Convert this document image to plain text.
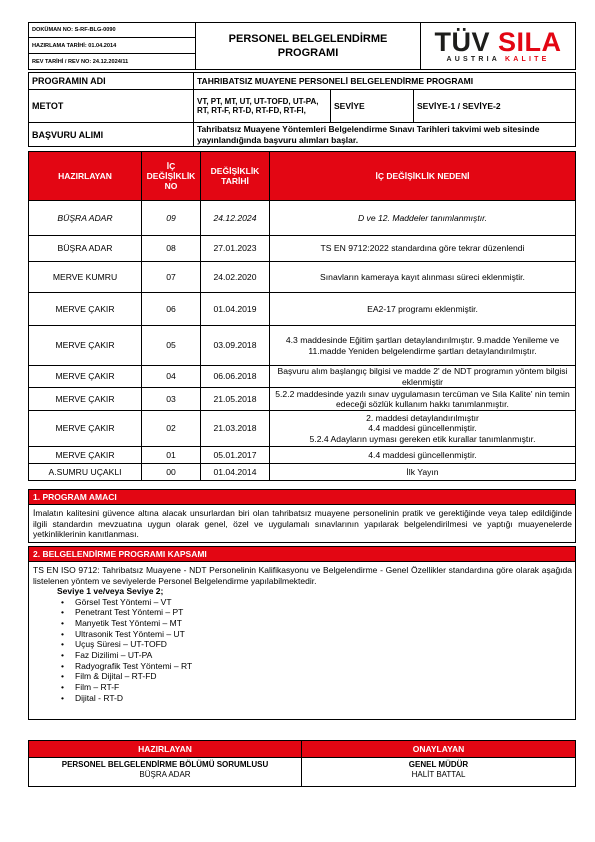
DOKÜMAN NO: S-RF-BLG-0090	PERSONEL BELGELENDİRME
PROGRAMI	TÜV SILA
AUSTRIA KALITE

HAZIRLAMA TARİHİ: 01.04.2014
REV TARİHİ / REV NO: 24.12.2024/11
PROGRAMIN ADI	TAHRIBATSIZ MUAYENE PERSONELİ BELGELENDİRME PROGRAMI		
METOT	VT, PT, MT, UT, UT-TOFD, UT-PA, RT, RT-F, RT-D, RT-FD, RT-FI,	SEVİYE	SEVİYE-1 / SEVİYE-2
BAŞVURU ALIMI	Tahribatsız Muayene Yöntemleri Belgelendirme Sınavı Tarihleri takvimi web sitesinde yayınlandığında başvuru alımları başlar.		
HAZIRLAYAN	İÇ DEĞİŞİKLİK NO	DEĞİŞİKLİK TARİHİ	İÇ DEĞİŞİKLİK NEDENİ
BÜŞRA ADAR	09	24.12.2024	D ve 12. Maddeler tanımlanmıştır.
BÜŞRA ADAR	08	27.01.2023	TS EN 9712:2022 standardına göre tekrar düzenlendi
MERVE KUMRU	07	24.02.2020	Sınavların kameraya kayıt alınması süreci eklenmiştir.
MERVE ÇAKIR	06	01.04.2019	EA2-17 programı eklenmiştir.
MERVE ÇAKIR	05	03.09.2018	4.3 maddesinde Eğitim şartları detaylandırılmıştır. 9.madde Yenileme ve 11.madde Yeniden belgelendirme şartları detaylandırılmıştır.
MERVE ÇAKIR	04	06.06.2018	Başvuru alım başlangıç bilgisi ve madde 2' de NDT programın yöntem bilgisi eklenmiştir
MERVE ÇAKIR	03	21.05.2018	5.2.2 maddesinde yazılı sınav uygulamasın tercüman ve Sıla Kalite' nin temin edeceği sözlük kullanım hakkı tanımlanmıştır.
MERVE ÇAKIR	02	21.03.2018	2. maddesi detaylandırılmıştır
4.4 maddesi güncellenmiştir.
5.2.4 Adayların uyması gereken etik kurallar tanımlanmıştır.

MERVE ÇAKIR	01	05.01.2017	4.4 maddesi güncellenmiştir.
A.SUMRU UÇAKLI	00	01.04.2014	İlk Yayın
1. PROGRAM AMACI
İmalatın kalitesini güvence altına alacak unsurlardan biri olan tahribatsız muayene personelinin pratik ve gerektiğinde veya talep edildiğinde ilgili standardın mevzuatına uygun olarak genel, özel ve uygulamalı sınavlarının yapılarak belgelendirilmesi ve yaptığı muayenelerde yetkinliklerinin kanıtlanması.
2. BELGELENDİRME PROGRAMI KAPSAMI
TS EN ISO 9712: Tahribatsız Muayene - NDT Personelinin Kalifikasyonu ve Belgelendirme - Genel Özellikler standardına göre olarak aşağıda listelenen yöntem ve seviyelerde Personel Belgelendirme yapılabilmektedir.
Seviye 1 ve/veya Seviye 2;
• Görsel Test Yöntemi – VT
• Penetrant Test Yöntemi – PT
• Manyetik Test Yöntemi – MT
• Ultrasonik Test Yöntemi – UT
• Uçuş Süresi – UT-TOFD
• Faz Dizilimi – UT-PA
• Radyografik Test Yöntemi – RT
• Film & Dijital – RT-FD
• Film – RT-F
• Dijital - RT-D
HAZIRLAYAN	ONAYLAYAN
PERSONEL BELGELENDİRME BÖLÜMÜ SORUMLUSU
BÜŞRA ADAR	GENEL MÜDÜR
HALİT BATTAL
